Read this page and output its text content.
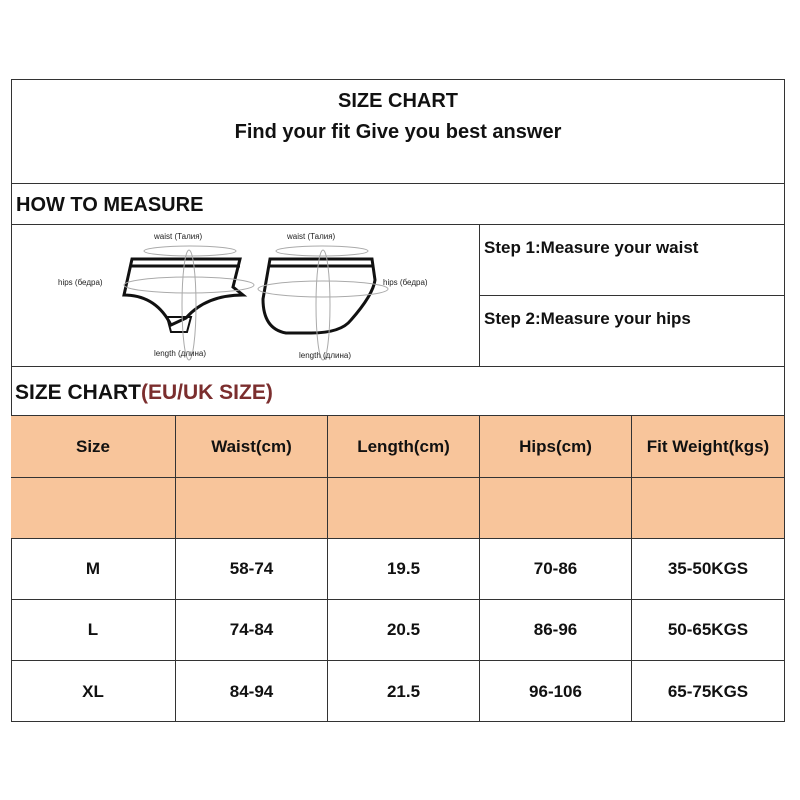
SIZE CHART
Find your fit Give you best answer
HOW TO MEASURE
waist (Талия)	waist (Талия)
hips (бедра)	hips (бедра)
length (длина)	length (длина)
Step 1:Measure your waist
Step 2:Measure your hips
SIZE CHART(EU/UK SIZE)
Size	Waist(cm)	Length(cm)	Hips(cm)	Fit Weight(kgs)
M	58-74	19.5	70-86	35-50KGS
L	74-84	20.5	86-96	50-65KGS
XL	84-94	21.5	96-106	65-75KGS
